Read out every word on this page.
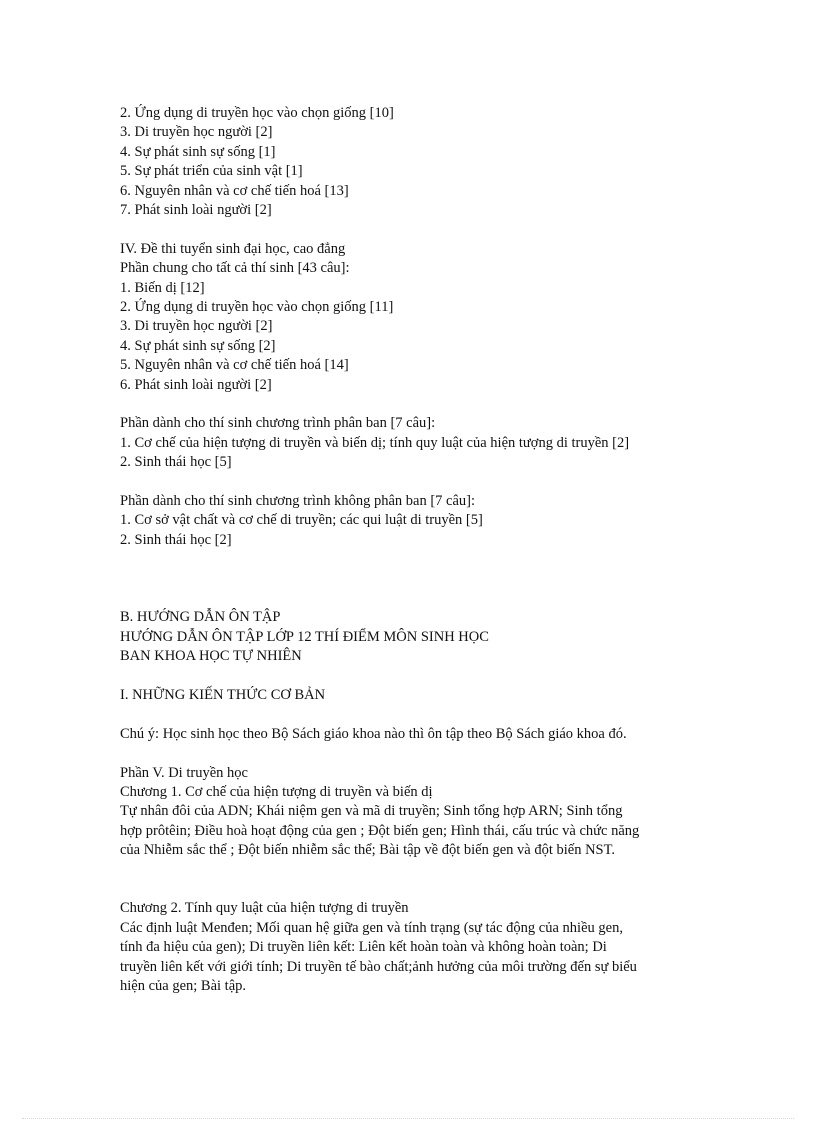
2. Ứng dụng di truyền học vào chọn giống [10]

3. Di truyền học người [2]

4. Sự phát sinh sự sống [1]

5. Sự phát triển của sinh vật [1]

6. Nguyên nhân và cơ chế tiến hoá [13]

7. Phát sinh loài người [2]

IV. Đề thi tuyển sinh đại học, cao đẳng

Phần chung cho tất cả thí sinh [43 câu]:

1. Biến dị [12]

2. Ứng dụng di truyền học vào chọn giống [11]

3. Di truyền học người [2]

4. Sự phát sinh sự sống [2]

5. Nguyên nhân và cơ chế tiến hoá [14]

6. Phát sinh loài người [2]

Phần dành cho thí sinh chương trình phân ban [7 câu]:

1. Cơ chế của hiện tượng di truyền và biến dị; tính quy luật của hiện tượng di truyền [2]

2. Sinh thái học [5]

Phần dành cho thí sinh chương trình không phân ban [7 câu]:

1. Cơ sở vật chất và cơ chế di truyền; các qui luật di truyền [5]

2. Sinh thái học [2]

B. HƯỚNG DẪN ÔN TẬP

HƯỚNG DẪN ÔN TẬP LỚP 12 THÍ ĐIỂM MÔN SINH HỌC

BAN KHOA HỌC TỰ NHIÊN

I. NHỮNG KIẾN THỨC CƠ BẢN

Chú ý: Học sinh học theo Bộ Sách giáo khoa nào thì ôn tập theo Bộ Sách giáo khoa đó.

Phần V. Di truyền học

Chương 1. Cơ chế của hiện tượng di truyền và biến dị

Tự nhân đôi của ADN; Khái niệm gen và mã di truyền; Sinh tổng hợp ARN; Sinh tổng

hợp prôtêin; Điều hoà hoạt động của gen ; Đột biến gen; Hình thái, cấu trúc và chức năng

của Nhiễm sắc thể ; Đột biến nhiễm sắc thể; Bài tập về đột biến gen và đột biến NST.

Chương 2. Tính quy luật của hiện tượng di truyền

Các định luật Menđen; Mối quan hệ giữa gen và tính trạng (sự tác động của nhiều gen,

tính đa hiệu của gen); Di truyền liên kết: Liên kết hoàn toàn và không hoàn toàn; Di

truyền liên kết với giới tính; Di truyền tế bào chất;ảnh hưởng của môi trường đến sự biểu

hiện của gen; Bài tập.
